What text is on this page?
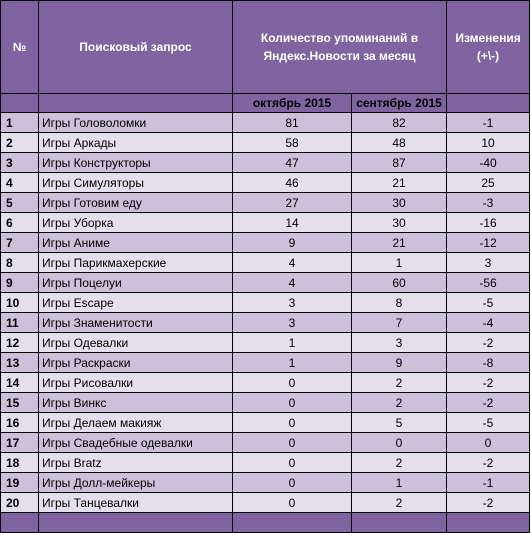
№	Поисковый запрос	Количество упоминаний в Яндекс.Новости за месяц		Изменения (+\-)
		октябрь 2015	сентябрь 2015	
1	Игры Головоломки	81	82	-1
2	Игры Аркады	58	48	10
3	Игры Конструкторы	47	87	-40
4	Игры Симуляторы	46	21	25
5	Игры Готовим еду	27	30	-3
6	Игры Уборка	14	30	-16
7	Игры Аниме	9	21	-12
8	Игры Парикмахерские	4	1	3
9	Игры Поцелуи	4	60	-56
10	Игры Escape	3	8	-5
11	Игры Знаменитости	3	7	-4
12	Игры Одевалки	1	3	-2
13	Игры Раскраски	1	9	-8
14	Игры Рисовалки	0	2	-2
15	Игры Винкс	0	2	-2
16	Игры Делаем макияж	0	5	-5
17	Игры Свадебные одевалки	0	0	0
18	Игры Bratz	0	2	-2
19	Игры Долл-мейкеры	0	1	-1
20	Игры Танцевалки	0	2	-2
